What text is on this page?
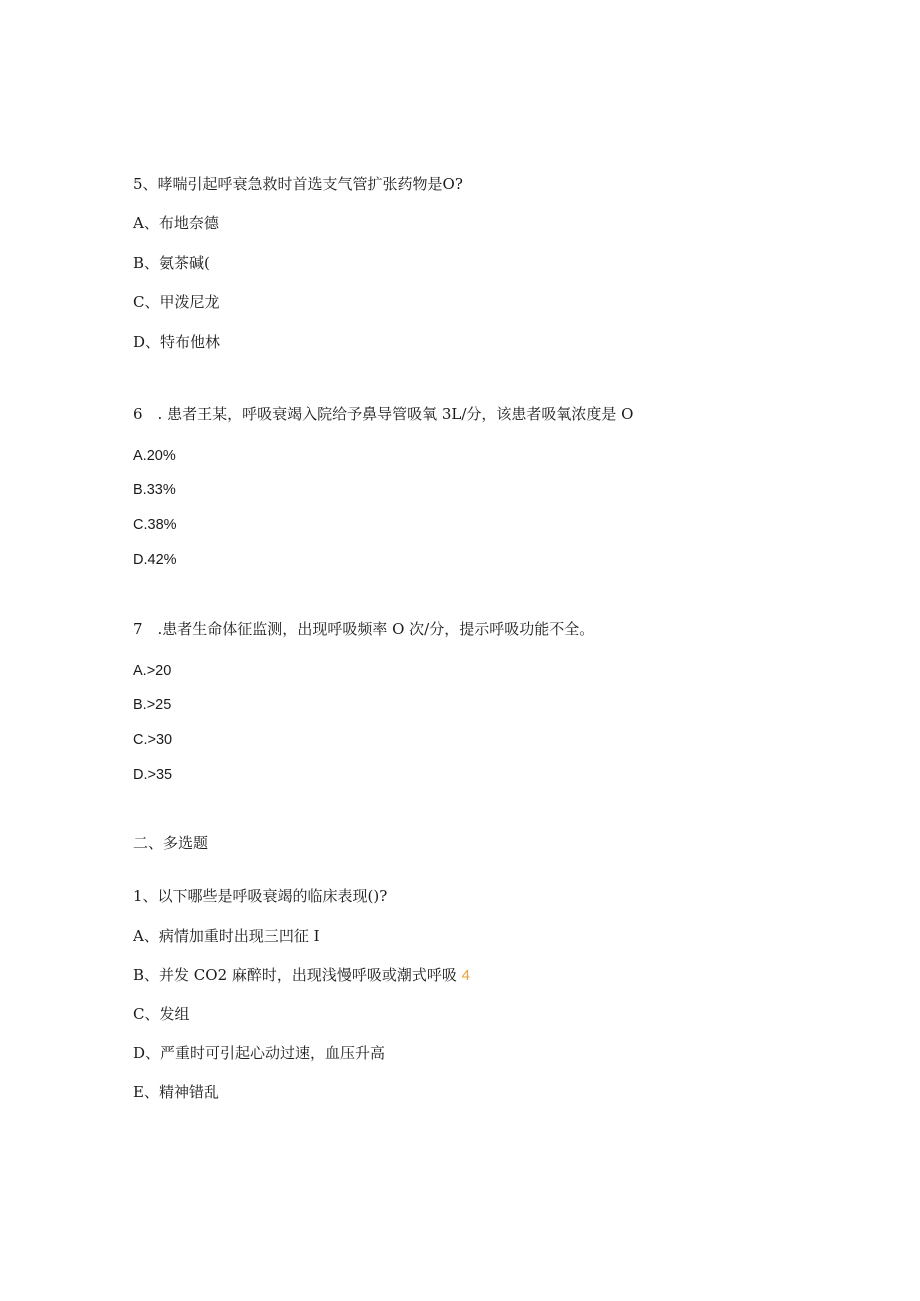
5、哮喘引起呼衰急救时首选支气管扩张药物是O?
A、布地奈德
B、氨茶碱(
C、甲泼尼龙
D、特布他林
6　. 患者王某，呼吸衰竭入院给予鼻导管吸氧 3L/分，该患者吸氧浓度是 O
A.20%
B.33%
C.38%
D.42%
7　.患者生命体征监测，出现呼吸频率 O 次/分，提示呼吸功能不全。
A.>20
B.>25
C.>30
D.>35
二、多选题
1、以下哪些是呼吸衰竭的临床表现()?
A、病情加重时出现三凹征 I
B、并发 CO2 麻醉时，出现浅慢呼吸或潮式呼吸 4
C、发组
D、严重时可引起心动过速，血压升高
E、精神错乱
